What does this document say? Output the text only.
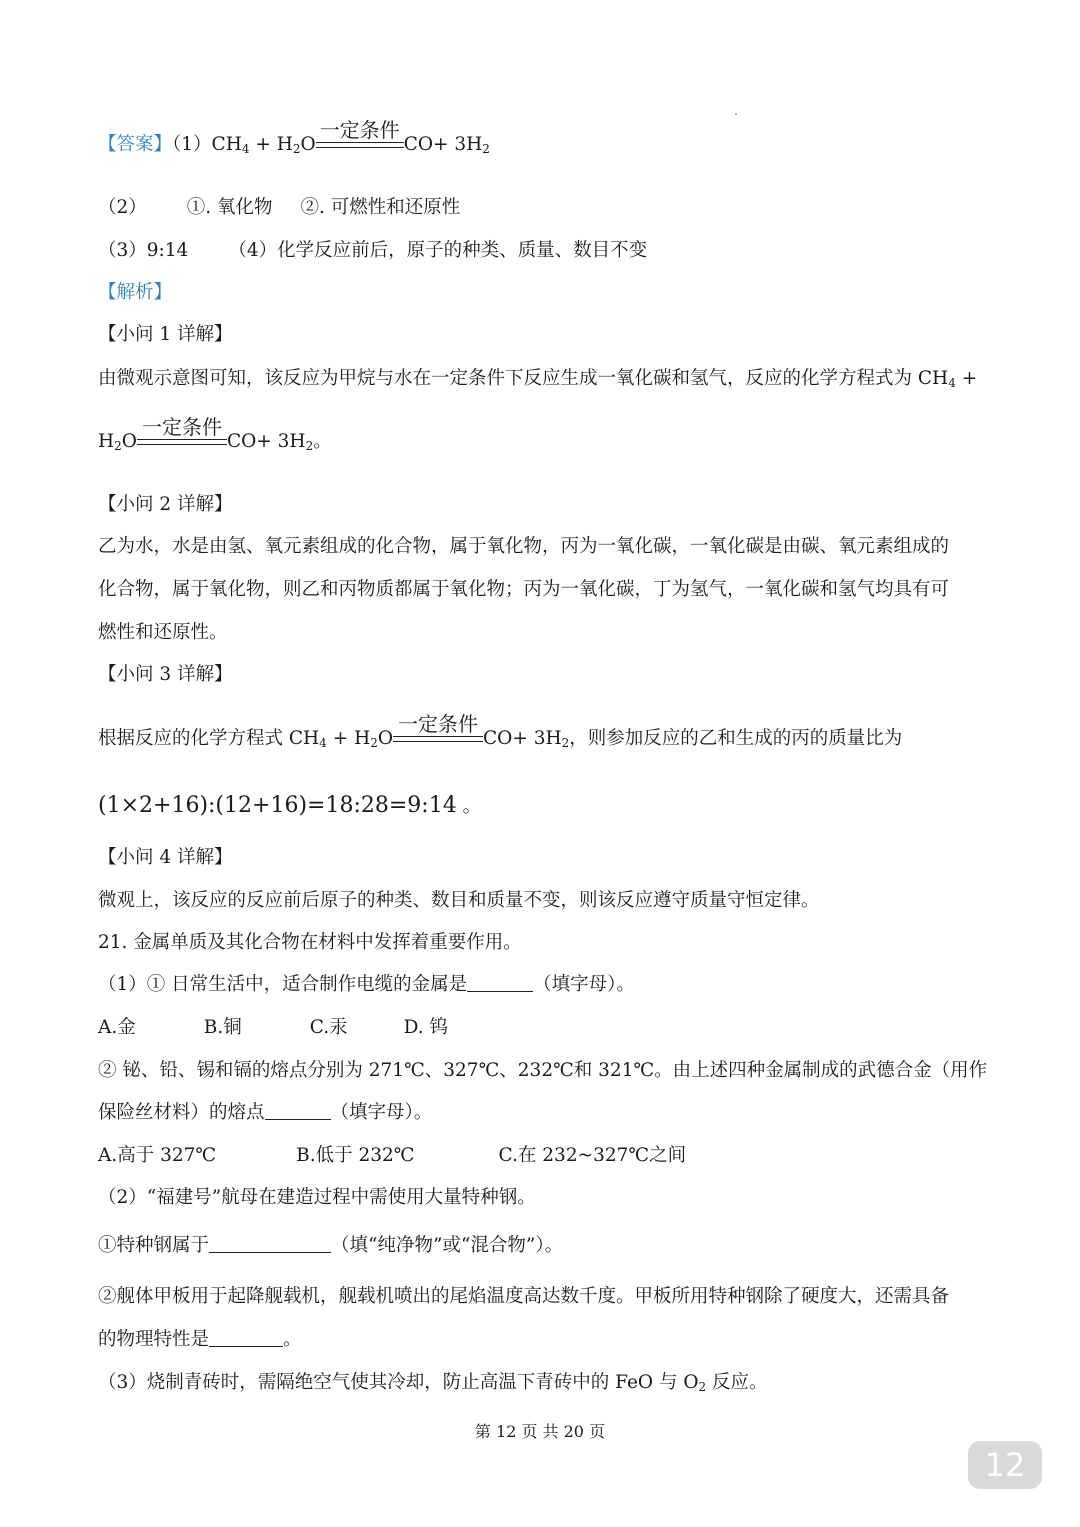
【答案】$(1)CH_4 + H_2O$
一定条件
$CO+ 3H_2$
（2） ①. 氧化物 ②. 可燃性和还原性
（3）9:14 （4）化学反应前后，原子的种类、质量、数目不变
【解析】
【小问 1 详解】
由微观示意图可知，该反应为甲烷与水在一定条件下反应生成一氧化碳和氢气，反应的化学方程式为 $CH_4$ +
$H_2O$
一定条件
$CO+ 3H_2$。
【小问 2 详解】
乙为水，水是由氢、氧元素组成的化合物，属于氧化物，丙为一氧化碳，一氧化碳是由碳、氧元素组成的
化合物，属于氧化物，则乙和丙物质都属于氧化物；丙为一氧化碳，丁为氢气，一氧化碳和氢气均具有可
燃性和还原性。
【小问 3 详解】
根据反应的化学方程式 $CH_4 + H_2O$
一定条件
$CO+ 3H_2$，则参加反应的乙和生成的丙的质量比为
(1×2+16):(12+16)=18:28=9:14 。
【小问 4 详解】
微观上，该反应的反应前后原子的种类、数目和质量不变，则该反应遵守质量守恒定律。
21. 金属单质及其化合物在材料中发挥着重要作用。
（1）① 日常生活中，适合制作电缆的金属是	（填字母）。
A.金	B.铜	C.汞	D. 钨
② 铋、铅、锡和镉的熔点分别为 271℃、327℃、232℃和 321℃。由上述四种金属制成的武德合金（用作
保险丝材料）的熔点	（填字母）。
A.高于 327℃	B.低于 232℃	C.在 232~327℃之间
（2）“福建号”航母在建造过程中需使用大量特种钢。
①特种钢属于	（填“纯净物”或“混合物”）。
②舰体甲板用于起降舰载机，舰载机喷出的尾焰温度高达数千度。甲板所用特种钢除了硬度大，还需具备
的物理特性是	。
（3）烧制青砖时，需隔绝空气使其冷却，防止高温下青砖中的 FeO 与 $O_2$ 反应。
第 12 页 共 20 页
12
